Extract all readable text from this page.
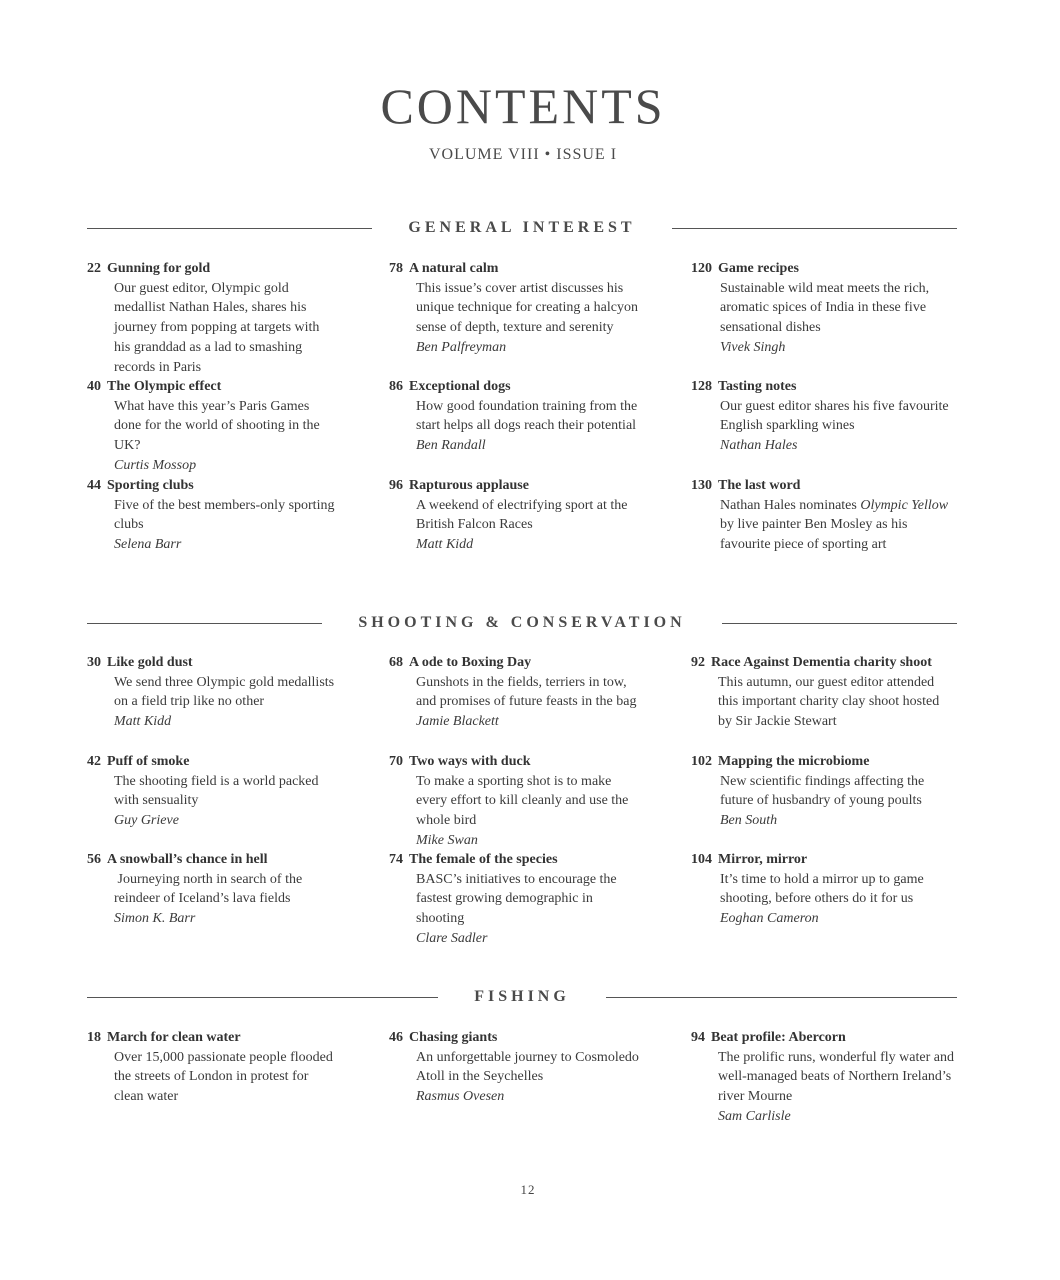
CONTENTS
VOLUME VIII • ISSUE I
GENERAL INTEREST
22 Gunning for gold
Our guest editor, Olympic gold medallist Nathan Hales, shares his journey from popping at targets with his granddad as a lad to smashing records in Paris
78 A natural calm
This issue’s cover artist discusses his unique technique for creating a halcyon sense of depth, texture and serenity
Ben Palfreyman
120 Game recipes
Sustainable wild meat meets the rich, aromatic spices of India in these five sensational dishes
Vivek Singh
40 The Olympic effect
What have this year’s Paris Games done for the world of shooting in the UK?
Curtis Mossop
86 Exceptional dogs
How good foundation training from the start helps all dogs reach their potential
Ben Randall
128 Tasting notes
Our guest editor shares his five favourite English sparkling wines
Nathan Hales
44 Sporting clubs
Five of the best members-only sporting clubs
Selena Barr
96 Rapturous applause
A weekend of electrifying sport at the British Falcon Races
Matt Kidd
130 The last word
Nathan Hales nominates Olympic Yellow by live painter Ben Mosley as his favourite piece of sporting art
SHOOTING & CONSERVATION
30 Like gold dust
We send three Olympic gold medallists on a field trip like no other
Matt Kidd
68 A ode to Boxing Day
Gunshots in the fields, terriers in tow, and promises of future feasts in the bag
Jamie Blackett
92 Race Against Dementia charity shoot
This autumn, our guest editor attended this important charity clay shoot hosted by Sir Jackie Stewart
42 Puff of smoke
The shooting field is a world packed with sensuality
Guy Grieve
70 Two ways with duck
To make a sporting shot is to make every effort to kill cleanly and use the whole bird
Mike Swan
102 Mapping the microbiome
New scientific findings affecting the future of husbandry of young poults
Ben South
56 A snowball’s chance in hell
Journeying north in search of the reindeer of Iceland’s lava fields
Simon K. Barr
74 The female of the species
BASC’s initiatives to encourage the fastest growing demographic in shooting
Clare Sadler
104 Mirror, mirror
It’s time to hold a mirror up to game shooting, before others do it for us
Eoghan Cameron
FISHING
18 March for clean water
Over 15,000 passionate people flooded the streets of London in protest for clean water
46 Chasing giants
An unforgettable journey to Cosmoledo Atoll in the Seychelles
Rasmus Ovesen
94 Beat profile: Abercorn
The prolific runs, wonderful fly water and well-managed beats of Northern Ireland’s river Mourne
Sam Carlisle
12
